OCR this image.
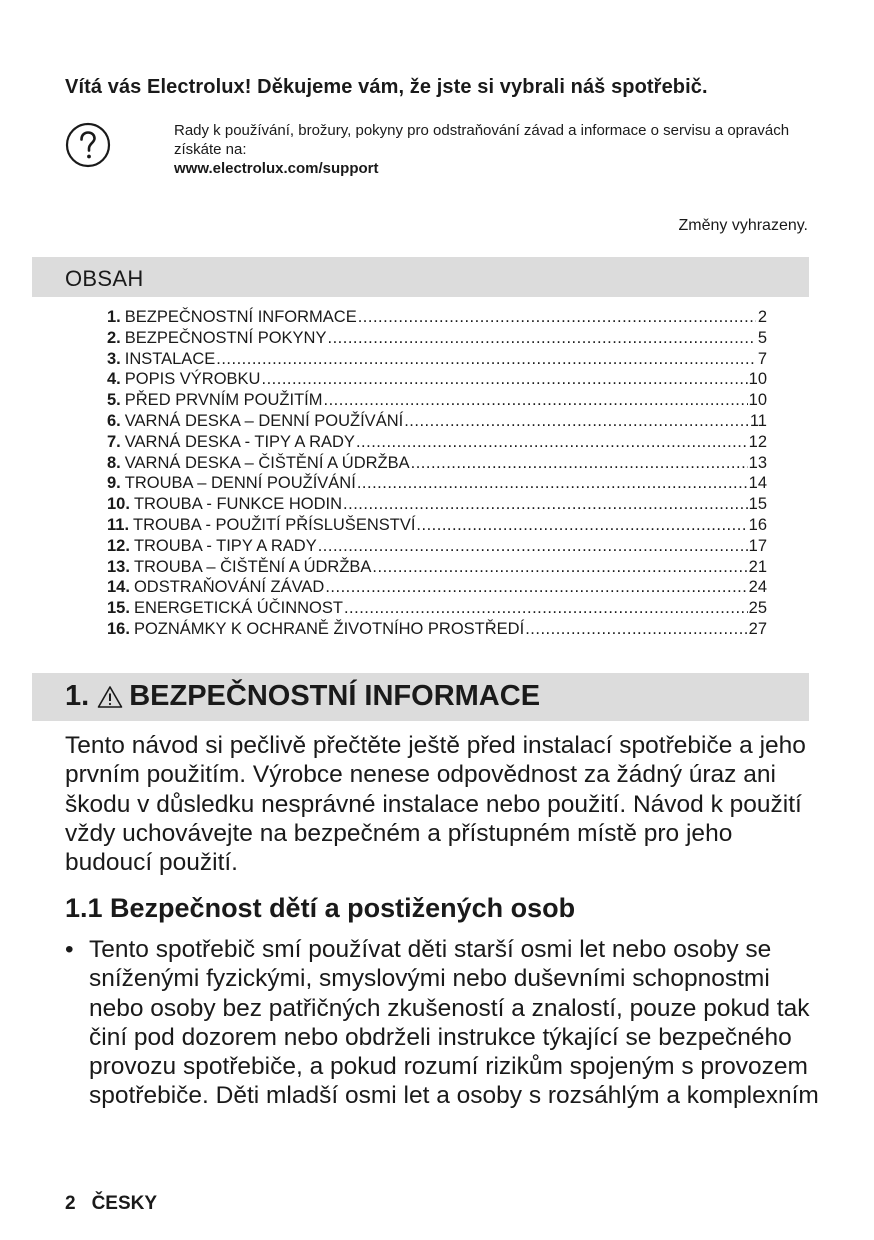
Vítá vás Electrolux! Děkujeme vám, že jste si vybrali náš spotřebič.
Rady k používání, brožury, pokyny pro odstraňování závad a informace o servisu a opravách získáte na:
www.electrolux.com/support
Změny vyhrazeny.
OBSAH
1. BEZPEČNOSTNÍ INFORMACE .....	2
2. BEZPEČNOSTNÍ POKYNY .....	5
3. INSTALACE .....	7
4. POPIS VÝROBKU .....	10
5. PŘED PRVNÍM POUŽITÍM .....	10
6. VARNÁ DESKA – DENNÍ POUŽÍVÁNÍ .....	11
7. VARNÁ DESKA - TIPY A RADY .....	12
8. VARNÁ DESKA – ČIŠTĚNÍ A ÚDRŽBA .....	13
9. TROUBA – DENNÍ POUŽÍVÁNÍ .....	14
10. TROUBA - FUNKCE HODIN .....	15
11. TROUBA - POUŽITÍ PŘÍSLUŠENSTVÍ .....	16
12. TROUBA - TIPY A RADY .....	17
13. TROUBA – ČIŠTĚNÍ A ÚDRŽBA .....	21
14. ODSTRAŇOVÁNÍ ZÁVAD .....	24
15. ENERGETICKÁ ÚČINNOST .....	25
16. POZNÁMKY K OCHRANĚ ŽIVOTNÍHO PROSTŘEDÍ .....	27
1. BEZPEČNOSTNÍ INFORMACE
Tento návod si pečlivě přečtěte ještě před instalací spotřebiče a jeho prvním použitím. Výrobce nenese odpovědnost za žádný úraz ani škodu v důsledku nesprávné instalace nebo použití. Návod k použití vždy uchovávejte na bezpečném a přístupném místě pro jeho budoucí použití.
1.1 Bezpečnost dětí a postižených osob
• Tento spotřebič smí používat děti starší osmi let nebo osoby se sníženými fyzickými, smyslovými nebo duševními schopnostmi nebo osoby bez patřičných zkušeností a znalostí, pouze pokud tak činí pod dozorem nebo obdrželi instrukce týkající se bezpečného provozu spotřebiče, a pokud rozumí rizikům spojeným s provozem spotřebiče. Děti mladší osmi let a osoby s rozsáhlým a komplexním
2 ČESKY
